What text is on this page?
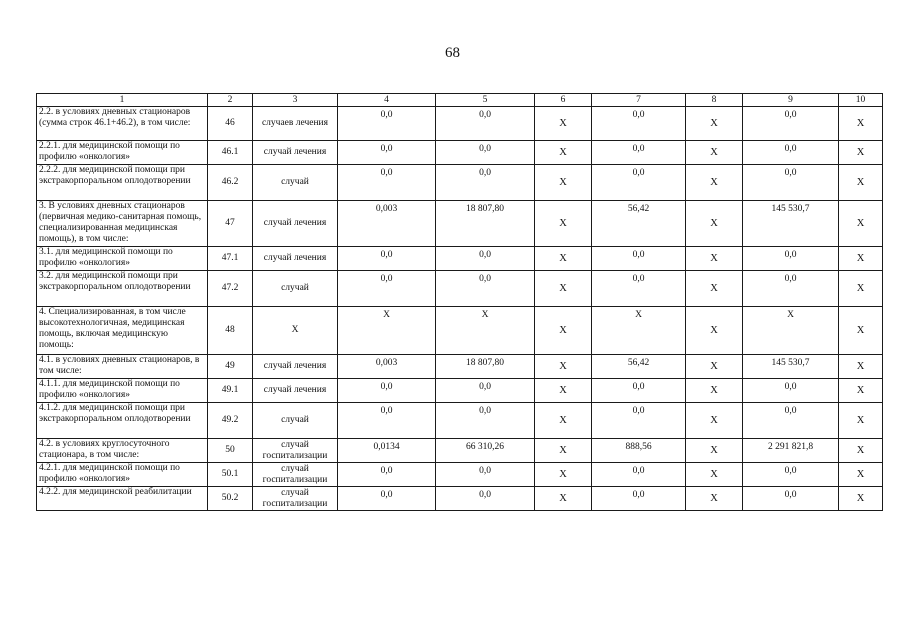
68
1	2	3	4	5	6	7	8	9	10
2.2. в условиях дневных стационаров (сумма строк 46.1+46.2), в том числе:	46	случаев лечения	0,0	0,0	Х	0,0	Х	0,0	Х
2.2.1. для медицинской помощи по профилю «онкология»	46.1	случай лечения	0,0	0,0	Х	0,0	Х	0,0	Х
2.2.2. для медицинской помощи при экстракорпоральном оплодотворении	46.2	случай	0,0	0,0	Х	0,0	Х	0,0	Х
3. В условиях дневных стационаров (первичная медико-санитарная помощь, специализированная медицинская помощь), в том числе:	47	случай лечения	0,003	18 807,80	Х	56,42	Х	145 530,7	Х
3.1. для медицинской помощи по профилю «онкология»	47.1	случай лечения	0,0	0,0	Х	0,0	Х	0,0	Х
3.2. для медицинской помощи при экстракорпоральном оплодотворении	47.2	случай	0,0	0,0	Х	0,0	Х	0,0	Х
4. Специализированная, в том числе высокотехнологичная, медицинская помощь, включая медицинскую помощь:	48	Х	Х	Х	Х	Х	Х	Х	Х
4.1. в условиях дневных стационаров, в том числе:	49	случай лечения	0,003	18 807,80	Х	56,42	Х	145 530,7	Х
4.1.1. для медицинской помощи по профилю «онкология»	49.1	случай лечения	0,0	0,0	Х	0,0	Х	0,0	Х
4.1.2. для медицинской помощи при экстракорпоральном оплодотворении	49.2	случай	0,0	0,0	Х	0,0	Х	0,0	Х
4.2. в условиях круглосуточного стационара, в том числе:	50	случай госпитализации	0,0134	66 310,26	Х	888,56	Х	2 291 821,8	Х
4.2.1. для медицинской помощи по профилю «онкология»	50.1	случай госпитализации	0,0	0,0	Х	0,0	Х	0,0	Х
4.2.2. для медицинской реабилитации	50.2	случай госпитализации	0,0	0,0	Х	0,0	Х	0,0	Х
